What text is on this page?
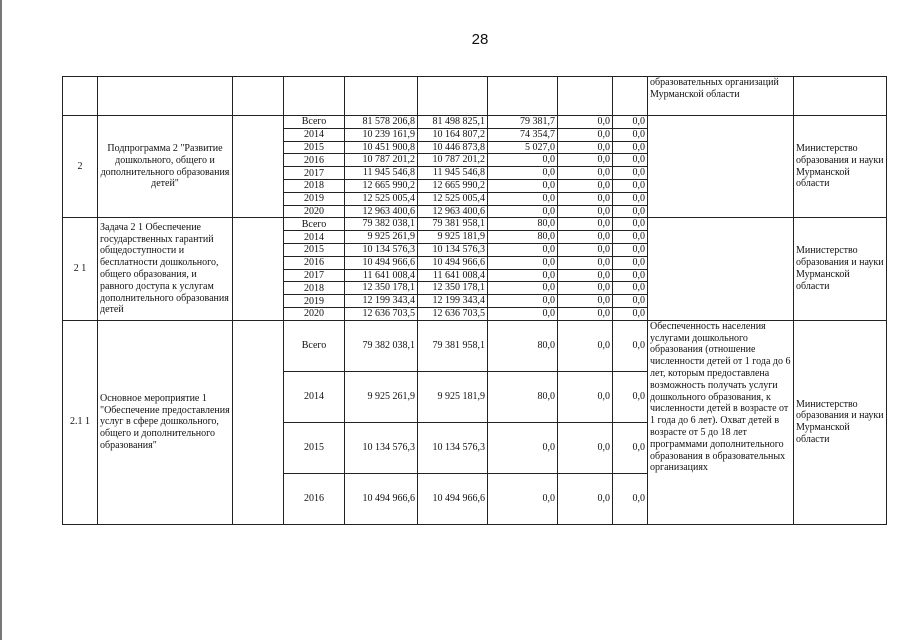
28
									образовательных организаций Мурманской области	
2	Подпрограмма 2 "Развитие дошкольного, общего и дополнительного образования детей"		Всего	81 578 206,8	81 498 825,1	79 381,7	0,0	0,0		Министерство образования и науки Мурманской области
			2014	10 239 161,9	10 164 807,2	74 354,7	0,0	0,0		
			2015	10 451 900,8	10 446 873,8	5 027,0	0,0	0,0		
			2016	10 787 201,2	10 787 201,2	0,0	0,0	0,0		
			2017	11 945 546,8	11 945 546,8	0,0	0,0	0,0		
			2018	12 665 990,2	12 665 990,2	0,0	0,0	0,0		
			2019	12 525 005,4	12 525 005,4	0,0	0,0	0,0		
			2020	12 963 400,6	12 963 400,6	0,0	0,0	0,0		
2 1	Задача 2 1 Обеспечение государственных гарантий общедоступности и бесплатности дошкольного, общего образования, и равного доступа к услугам дополнительного образования детей		Всего	79 382 038,1	79 381 958,1	80,0	0,0	0,0		Министерство образования и науки Мурманской области
			2014	9 925 261,9	9 925 181,9	80,0	0,0	0,0		
			2015	10 134 576,3	10 134 576,3	0,0	0,0	0,0		
			2016	10 494 966,6	10 494 966,6	0,0	0,0	0,0		
			2017	11 641 008,4	11 641 008,4	0,0	0,0	0,0		
			2018	12 350 178,1	12 350 178,1	0,0	0,0	0,0		
			2019	12 199 343,4	12 199 343,4	0,0	0,0	0,0		
			2020	12 636 703,5	12 636 703,5	0,0	0,0	0,0		
2.1 1	Основное мероприятие 1 "Обеспечение предоставления услуг в сфере дошкольного, общего и дополнительного образования"		Всего	79 382 038,1	79 381 958,1	80,0	0,0	0,0	Обеспеченность населения услугами дошкольного образования (отношение численности детей от 1 года до 6 лет, которым предоставлена возможность получать услуги дошкольного образования, к численности детей в возрасте от 1 года до 6 лет). Охват детей в возрасте от 5 до 18 лет программами дополнительного образования в образовательных организациях	Министерство образования и науки Мурманской области
			2014	9 925 261,9	9 925 181,9	80,0	0,0	0,0		
			2015	10 134 576,3	10 134 576,3	0,0	0,0	0,0		
			2016	10 494 966,6	10 494 966,6	0,0	0,0	0,0		
